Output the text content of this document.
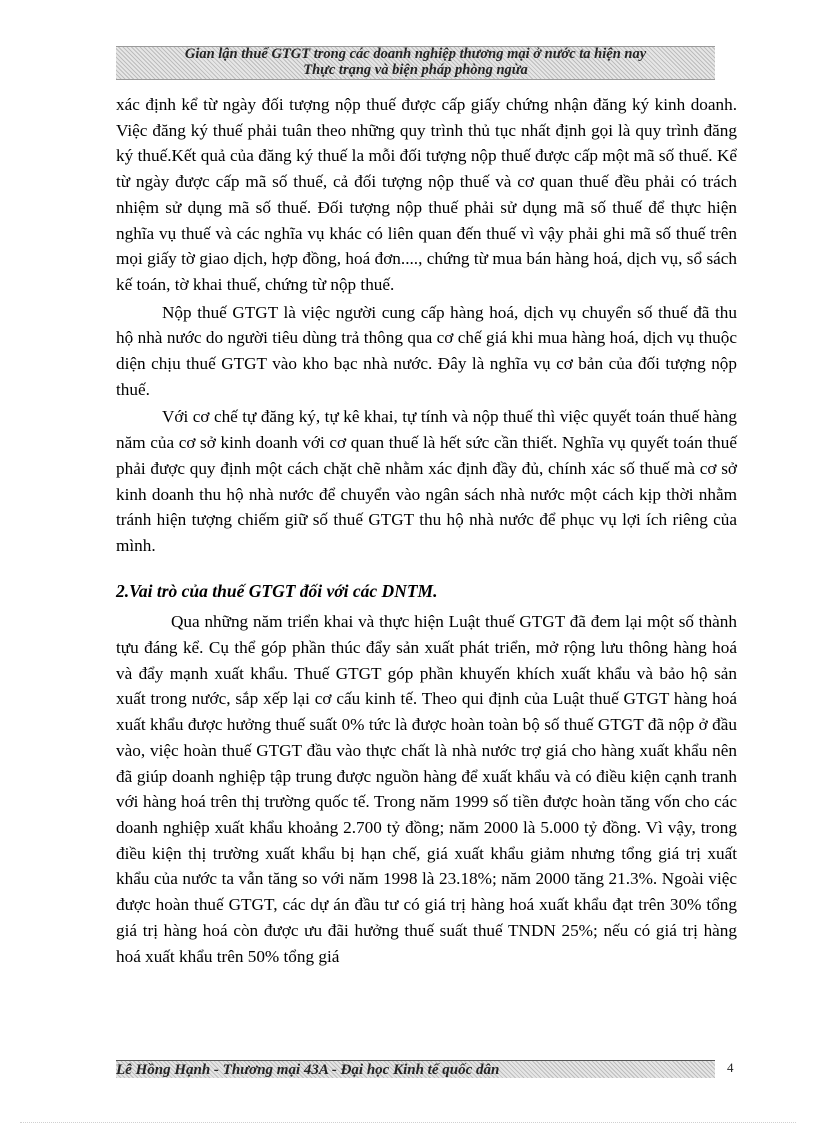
Gian lận thuế GTGT trong các doanh nghiệp thương mại ở nước ta hiện nay
Thực trạng và biện pháp phòng ngừa

xác định kể từ ngày đối tượng nộp thuế được cấp giấy chứng nhận đăng ký kinh doanh. Việc đăng ký thuế phải tuân theo những quy trình thủ tục nhất định gọi là quy trình đăng ký thuế.Kết quả của đăng ký thuế la mỗi đối tượng nộp thuế được cấp một mã số thuế. Kể từ ngày được cấp mã số thuế, cả đối tượng nộp thuế và cơ quan thuế đều phải có trách nhiệm sử dụng mã số thuế. Đối tượng nộp thuế phải sử dụng mã số thuế để thực hiện nghĩa vụ thuế và các nghĩa vụ khác có liên quan đến thuế vì vậy phải ghi mã số thuế trên mọi giấy tờ giao dịch, hợp đồng, hoá đơn...., chứng từ mua bán hàng hoá, dịch vụ, sổ sách kế toán, tờ khai thuế, chứng từ nộp thuế.

Nộp thuế GTGT là việc người cung cấp hàng hoá, dịch vụ chuyển số thuế đã thu hộ nhà nước do người tiêu dùng trả thông qua cơ chế giá khi mua hàng hoá, dịch vụ thuộc diện chịu thuế GTGT vào kho bạc nhà nước. Đây là nghĩa vụ cơ bản của đối tượng nộp thuế.

Với cơ chế tự đăng ký, tự kê khai, tự tính và nộp thuế thì việc quyết toán thuế hàng năm của cơ sở kinh doanh với cơ quan thuế là hết sức cần thiết. Nghĩa vụ quyết toán thuế phải được quy định một cách chặt chẽ nhằm xác định đầy đủ, chính xác số thuế mà cơ sở kinh doanh thu hộ nhà nước để chuyển vào ngân sách nhà nước một cách kịp thời nhằm tránh hiện tượng chiếm giữ số thuế GTGT thu hộ nhà nước để phục vụ lợi ích riêng của mình.

2.Vai trò của thuế GTGT đối với các DNTM.

Qua những năm triển khai và thực hiện Luật thuế GTGT đã đem lại một số thành tựu đáng kể. Cụ thể góp phần thúc đẩy sản xuất phát triển, mở rộng lưu thông hàng hoá và đẩy mạnh xuất khẩu. Thuế GTGT góp phần khuyến khích xuất khẩu và bảo hộ sản xuất trong nước, sắp xếp lại cơ cấu kinh tế. Theo qui định của Luật thuế GTGT hàng hoá xuất khẩu được hưởng thuế suất 0% tức là được hoàn toàn bộ số thuế GTGT đã nộp ở đầu vào, việc hoàn thuế GTGT đầu vào thực chất là nhà nước trợ giá cho hàng xuất khẩu nên đã giúp doanh nghiệp tập trung được nguồn hàng để xuất khẩu và có điều kiện cạnh tranh với hàng hoá trên thị trường quốc tế. Trong năm 1999 số tiền được hoàn tăng vốn cho các doanh nghiệp xuất khẩu khoảng 2.700 tỷ đồng; năm 2000 là 5.000 tỷ đồng. Vì vậy, trong điều kiện thị trường xuất khẩu bị hạn chế, giá xuất khẩu giảm nhưng tổng giá trị xuất khẩu của nước ta vẫn tăng so với năm 1998 là 23.18%; năm 2000 tăng 21.3%. Ngoài việc được hoàn thuế GTGT, các dự án đầu tư có giá trị hàng hoá xuất khẩu đạt trên 30% tổng giá trị hàng hoá còn được ưu đãi hưởng thuế suất thuế TNDN 25%; nếu có giá trị hàng hoá xuất khẩu trên 50% tổng giá

Lê Hồng Hạnh - Thương mại 43A - Đại học Kinh tế quốc dân	4
